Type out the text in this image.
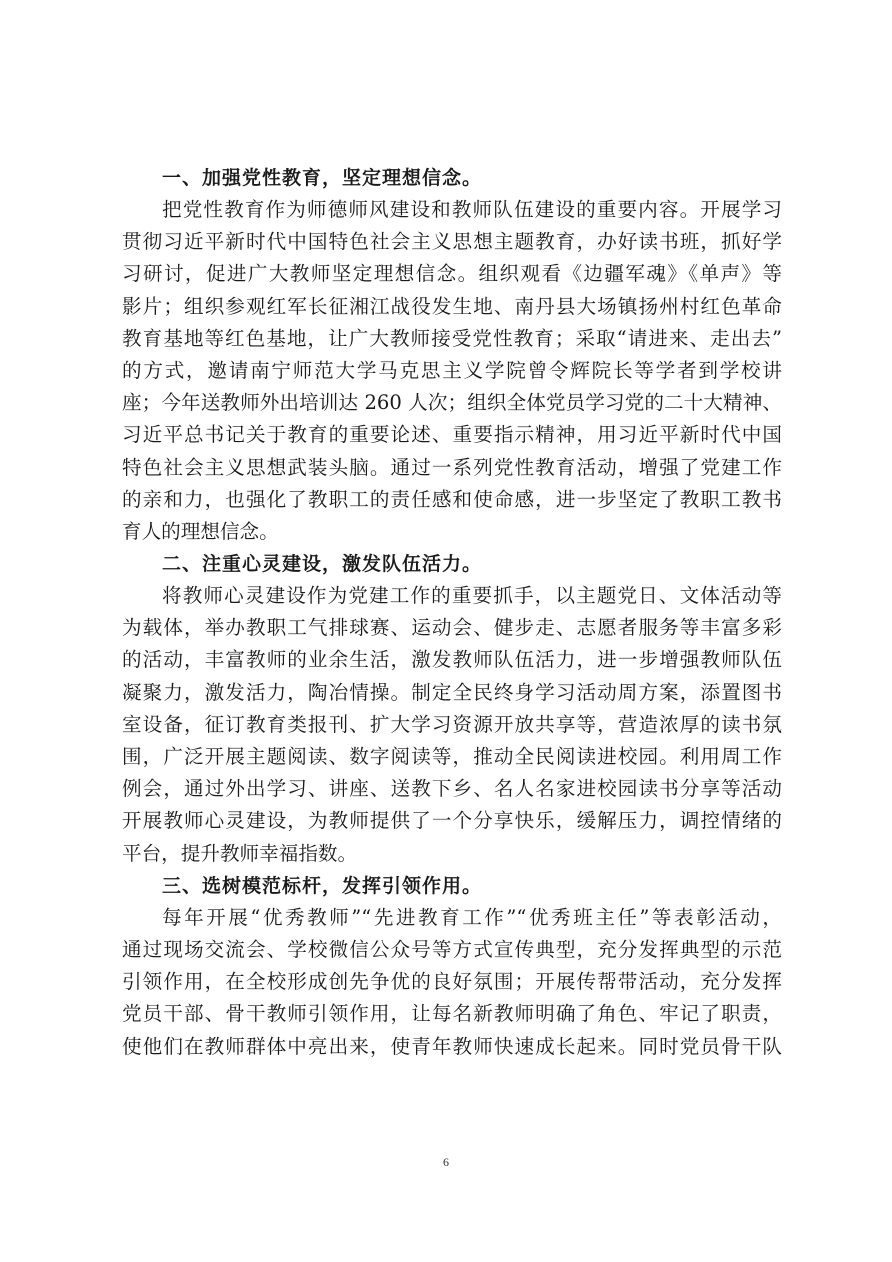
一、加强党性教育，坚定理想信念。
把党性教育作为师德师风建设和教师队伍建设的重要内容。开展学习
贯彻习近平新时代中国特色社会主义思想主题教育，办好读书班，抓好学
习研讨，促进广大教师坚定理想信念。组织观看《边疆军魂》《单声》等
影片；组织参观红军长征湘江战役发生地、南丹县大场镇扬州村红色革命
教育基地等红色基地，让广大教师接受党性教育；采取“请进来、走出去”
的方式，邀请南宁师范大学马克思主义学院曾令辉院长等学者到学校讲
座；今年送教师外出培训达 260 人次；组织全体党员学习党的二十大精神、
习近平总书记关于教育的重要论述、重要指示精神，用习近平新时代中国
特色社会主义思想武装头脑。通过一系列党性教育活动，增强了党建工作
的亲和力，也强化了教职工的责任感和使命感，进一步坚定了教职工教书
育人的理想信念。
二、注重心灵建设，激发队伍活力。
将教师心灵建设作为党建工作的重要抓手，以主题党日、文体活动等
为载体，举办教职工气排球赛、运动会、健步走、志愿者服务等丰富多彩
的活动，丰富教师的业余生活，激发教师队伍活力，进一步增强教师队伍
凝聚力，激发活力，陶冶情操。制定全民终身学习活动周方案，添置图书
室设备，征订教育类报刊、扩大学习资源开放共享等，营造浓厚的读书氛
围，广泛开展主题阅读、数字阅读等，推动全民阅读进校园。利用周工作
例会，通过外出学习、讲座、送教下乡、名人名家进校园读书分享等活动
开展教师心灵建设，为教师提供了一个分享快乐，缓解压力，调控情绪的
平台，提升教师幸福指数。
三、选树模范标杆，发挥引领作用。
每年开展“优秀教师”“先进教育工作”“优秀班主任”等表彰活动，
通过现场交流会、学校微信公众号等方式宣传典型，充分发挥典型的示范
引领作用，在全校形成创先争优的良好氛围；开展传帮带活动，充分发挥
党员干部、骨干教师引领作用，让每名新教师明确了角色、牢记了职责，
使他们在教师群体中亮出来，使青年教师快速成长起来。同时党员骨干队
6
